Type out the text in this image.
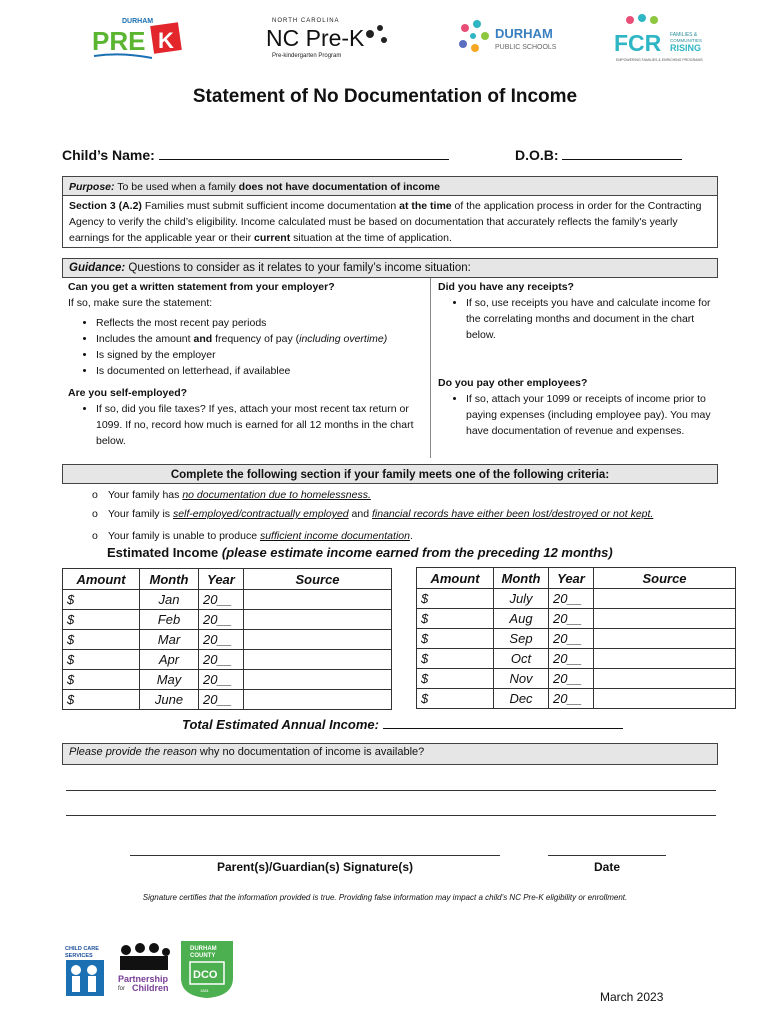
DURHAM
PRE K
NORTH CAROLINA
NC Pre-K
Pre-kindergarten Program
DURHAM
PUBLIC SCHOOLS	FCR FAMILIES &
COMMUNITIES
RISING
EMPOWERING FAMILIES & ENRICHING PROGRAMS
Statement of No Documentation of Income
Child’s Name:	D.O.B:
Purpose: To be used when a family does not have documentation of income
Section 3 (A.2) Families must submit sufficient income documentation at the time of the application process in order for the Contracting Agency to verify the child’s eligibility. Income calculated must be based on documentation that accurately reflects the family's yearly earnings for the applicable year or their current situation at the time of application.
Guidance: Questions to consider as it relates to your family’s income situation:
Can you get a written statement from your employer?
If so, make sure the statement:
• Reflects the most recent pay periods
• Includes the amount and frequency of pay (including overtime)
• Is signed by the employer
• Is documented on letterhead, if availablee
Are you self-employed?
• If so, did you file taxes? If yes, attach your most recent tax return or 1099. If no, record how much is earned for all 12 months in the chart below.
Did you have any receipts?
• If so, use receipts you have and calculate income for the correlating months and document in the chart below.
Do you pay other employees?
• If so, attach your 1099 or receipts of income prior to paying expenses (including employee pay). You may have documentation of revenue and expenses.
Complete the following section if your family meets one of the following criteria:
o Your family has no documentation due to homelessness.
o Your family is self-employed/contractually employed and financial records have either been lost/destroyed or not kept.
o Your family is unable to produce sufficient income documentation.
Estimated Income (please estimate income earned from the preceding 12 months)
Amount	Month	Year	Source
$	Jan	20__	
$	Feb	20__	
$	Mar	20__	
$	Apr	20__	
$	May	20__	
$	June	20__	
Amount	Month	Year	Source
$	July	20__	
$	Aug	20__	
$	Sep	20__	
$	Oct	20__	
$	Nov	20__	
$	Dec	20__	
Total Estimated Annual Income:
Please provide the reason why no documentation of income is available?
Parent(s)/Guardian(s) Signature(s)	Date
Signature certifies that the information provided is true. Providing false information may impact a child’s NC Pre-K eligibility or enrollment.
CHILD CARE
SERVICES
Partnership
for Children
DURHAM
COUNTY
DCO
1881	March 2023
